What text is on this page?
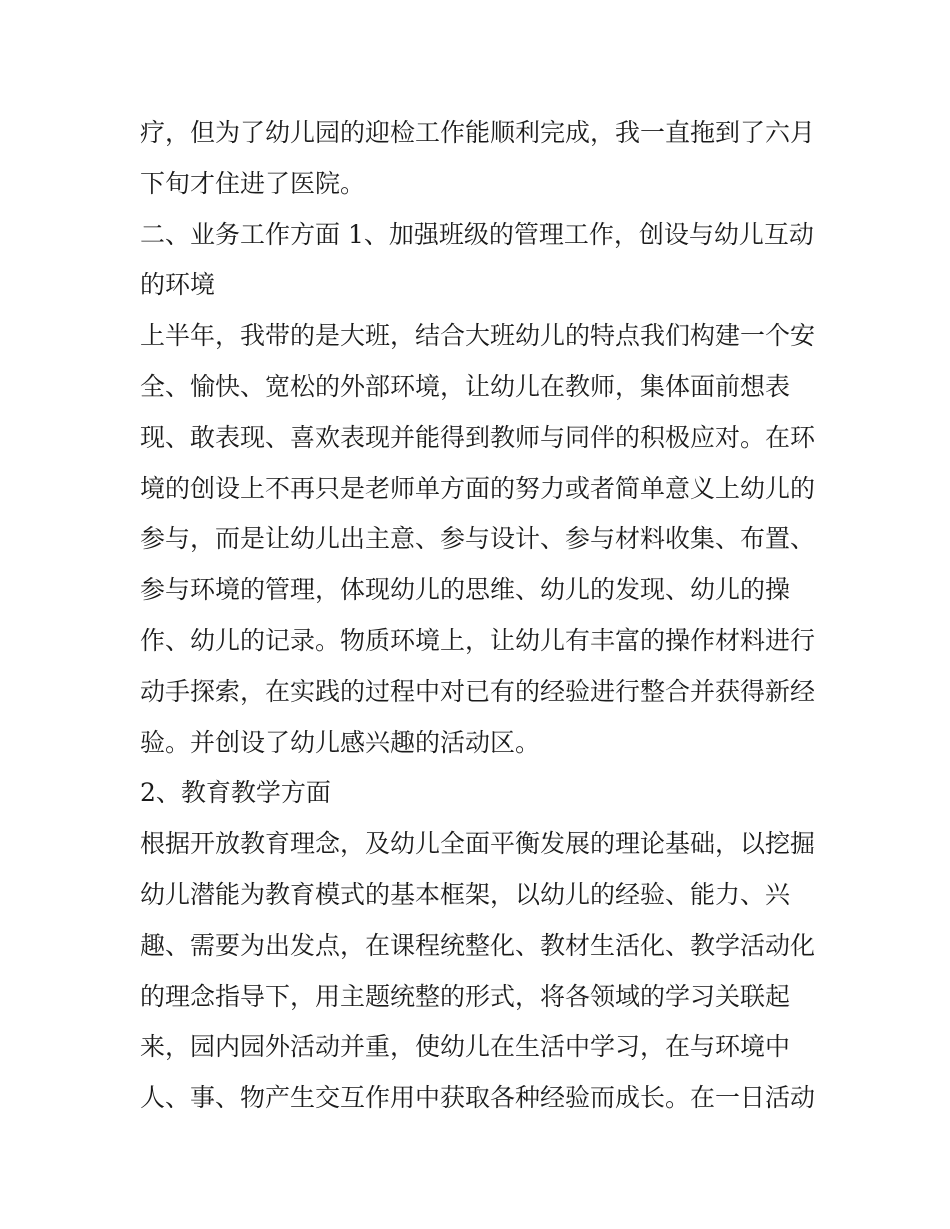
疗，但为了幼儿园的迎检工作能顺利完成，我一直拖到了六月
下旬才住进了医院。
二、业务工作方面 1、加强班级的管理工作，创设与幼儿互动
的环境
上半年，我带的是大班，结合大班幼儿的特点我们构建一个安
全、愉快、宽松的外部环境，让幼儿在教师，集体面前想表
现、敢表现、喜欢表现并能得到教师与同伴的积极应对。在环
境的创设上不再只是老师单方面的努力或者简单意义上幼儿的
参与，而是让幼儿出主意、参与设计、参与材料收集、布置、
参与环境的管理，体现幼儿的思维、幼儿的发现、幼儿的操
作、幼儿的记录。物质环境上，让幼儿有丰富的操作材料进行
动手探索，在实践的过程中对已有的经验进行整合并获得新经
验。并创设了幼儿感兴趣的活动区。
2、教育教学方面
根据开放教育理念，及幼儿全面平衡发展的理论基础，以挖掘
幼儿潜能为教育模式的基本框架，以幼儿的经验、能力、兴
趣、需要为出发点，在课程统整化、教材生活化、教学活动化
的理念指导下，用主题统整的形式，将各领域的学习关联起
来，园内园外活动并重，使幼儿在生活中学习，在与环境中
人、事、物产生交互作用中获取各种经验而成长。在一日活动
